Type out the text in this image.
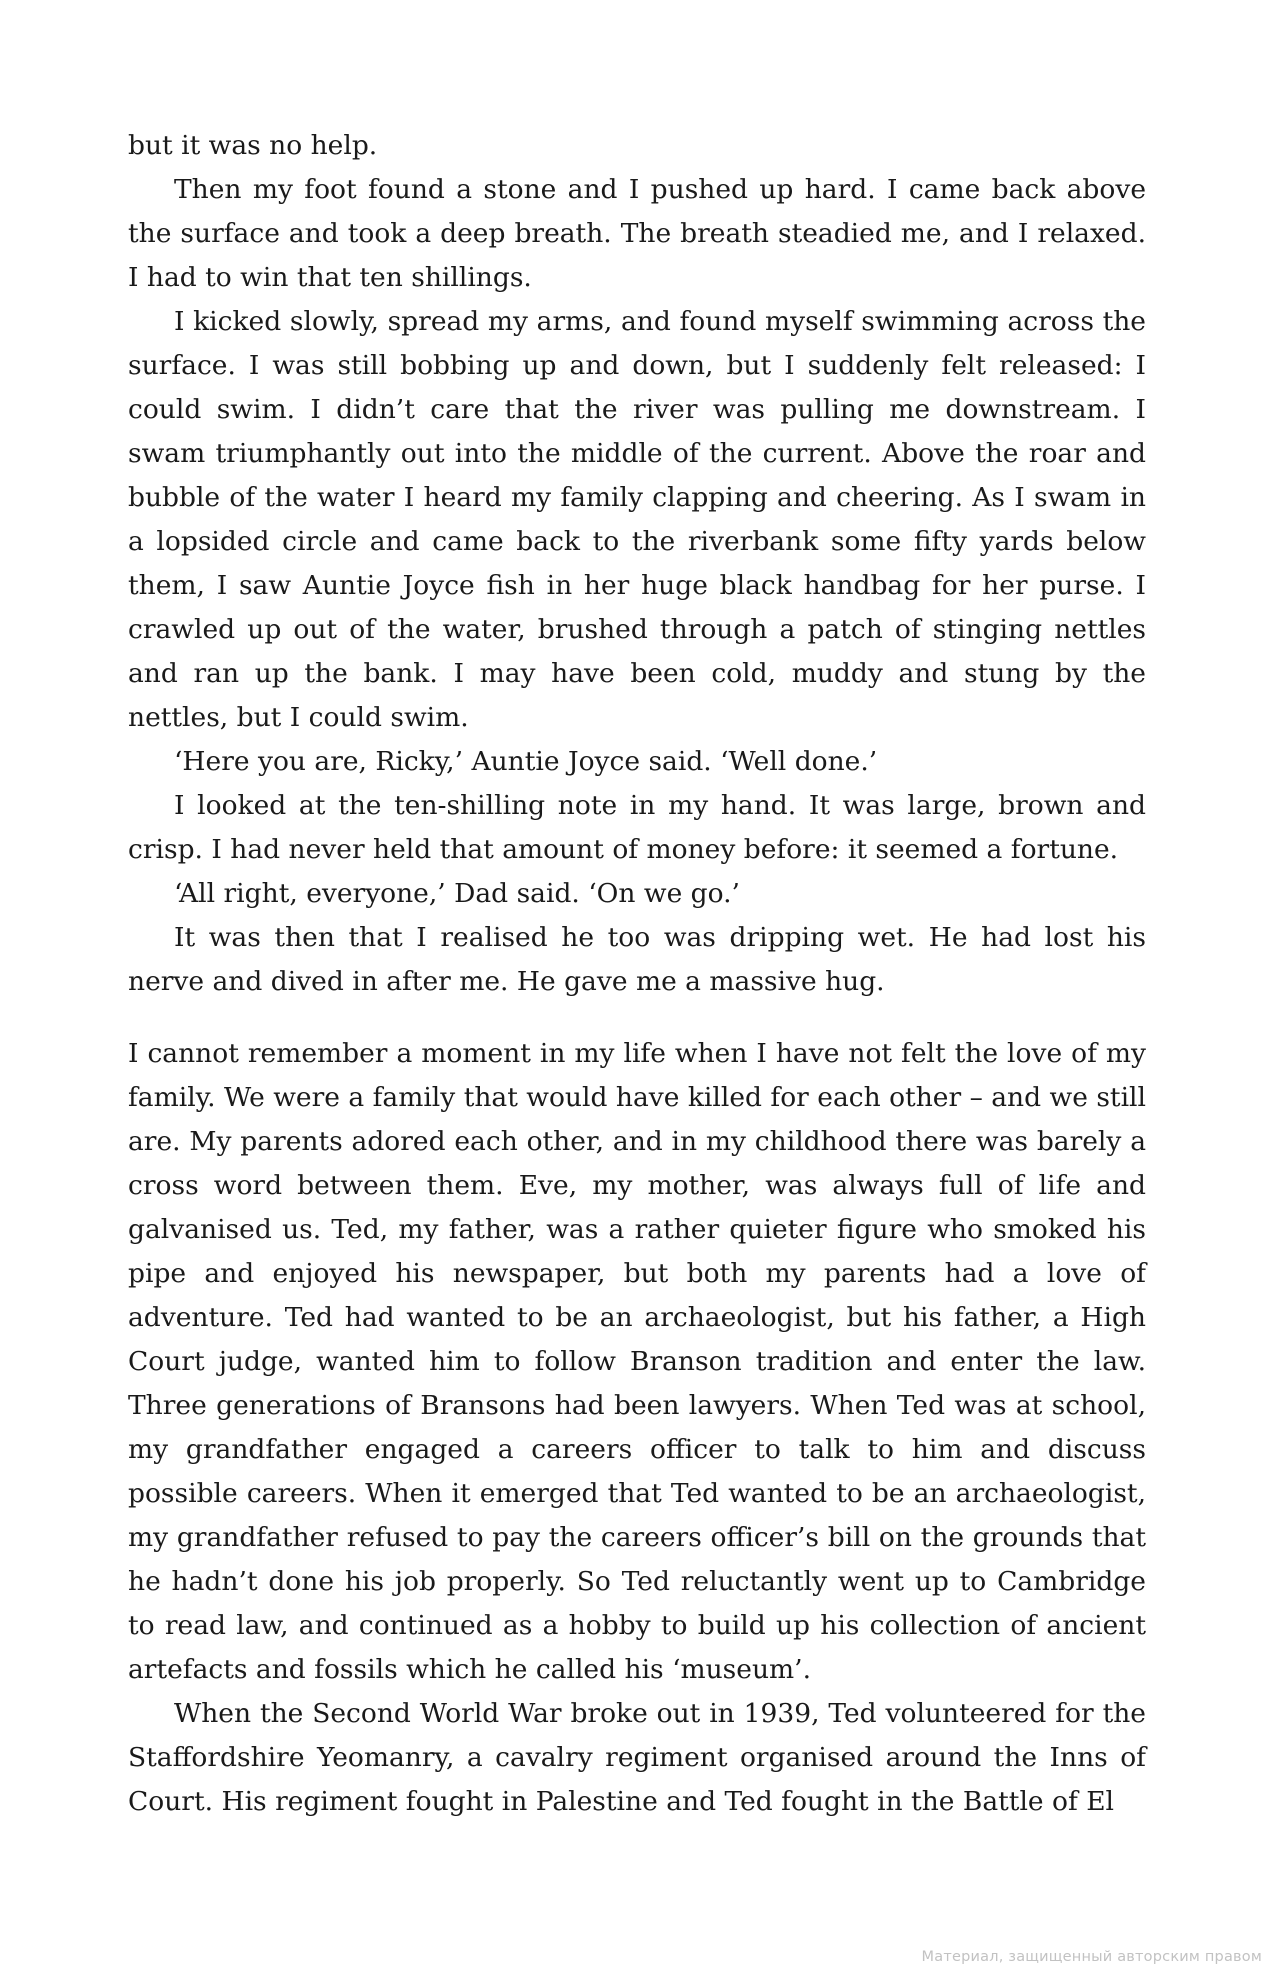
but it was no help.

Then my foot found a stone and I pushed up hard. I came back above the surface and took a deep breath. The breath steadied me, and I relaxed. I had to win that ten shillings.

I kicked slowly, spread my arms, and found myself swimming across the surface. I was still bobbing up and down, but I suddenly felt released: I could swim. I didn’t care that the river was pulling me downstream. I swam triumphantly out into the middle of the current. Above the roar and bubble of the water I heard my family clapping and cheering. As I swam in a lopsided circle and came back to the riverbank some fifty yards below them, I saw Auntie Joyce fish in her huge black handbag for her purse. I crawled up out of the water, brushed through a patch of stinging nettles and ran up the bank. I may have been cold, muddy and stung by the nettles, but I could swim.

‘Here you are, Ricky,’ Auntie Joyce said. ‘Well done.’

I looked at the ten-shilling note in my hand. It was large, brown and crisp. I had never held that amount of money before: it seemed a fortune.

‘All right, everyone,’ Dad said. ‘On we go.’

It was then that I realised he too was dripping wet. He had lost his nerve and dived in after me. He gave me a massive hug.

I cannot remember a moment in my life when I have not felt the love of my family. We were a family that would have killed for each other – and we still are. My parents adored each other, and in my childhood there was barely a cross word between them. Eve, my mother, was always full of life and galvanised us. Ted, my father, was a rather quieter figure who smoked his pipe and enjoyed his newspaper, but both my parents had a love of adventure. Ted had wanted to be an archaeologist, but his father, a High Court judge, wanted him to follow Branson tradition and enter the law. Three generations of Bransons had been lawyers. When Ted was at school, my grandfather engaged a careers officer to talk to him and discuss possible careers. When it emerged that Ted wanted to be an archaeologist, my grandfather refused to pay the careers officer’s bill on the grounds that he hadn’t done his job properly. So Ted reluctantly went up to Cambridge to read law, and continued as a hobby to build up his collection of ancient artefacts and fossils which he called his ‘museum’.

When the Second World War broke out in 1939, Ted volunteered for the Staffordshire Yeomanry, a cavalry regiment organised around the Inns of Court. His regiment fought in Palestine and Ted fought in the Battle of El

Материал, защищенный авторским правом
